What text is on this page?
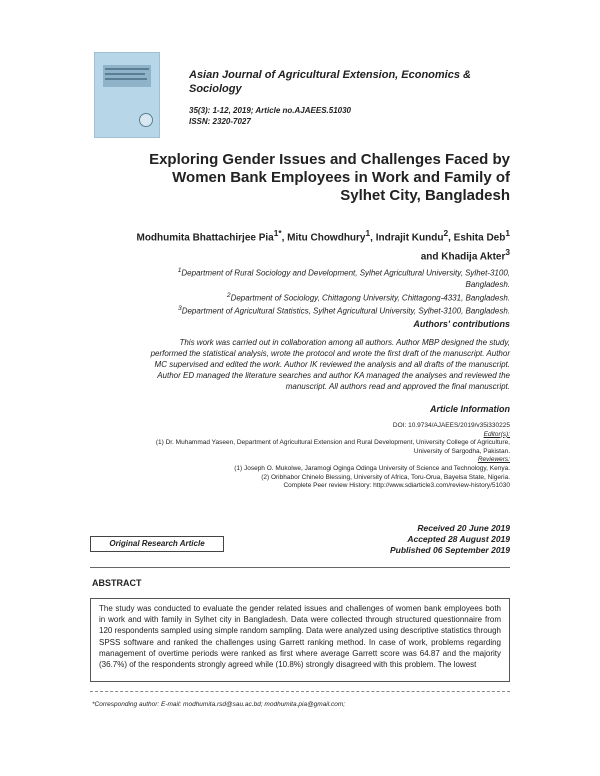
Asian Journal of Agricultural Extension, Economics &
Sociology
35(3): 1-12, 2019; Article no.AJAEES.51030
ISSN: 2320-7027
Exploring Gender Issues and Challenges Faced by
Women Bank Employees in Work and Family of
Sylhet City, Bangladesh
Modhumita Bhattachirjee Pia$^{1*}$, Mitu Chowdhury$^1$, Indrajit Kundu$^2$, Eshita Deb$^1$
and Khadija Akter$^3$
$^1$Department of Rural Sociology and Development, Sylhet Agricultural University, Sylhet-3100,
Bangladesh.
$^2$Department of Sociology, Chittagong University, Chittagong-4331, Bangladesh.
$^3$Department of Agricultural Statistics, Sylhet Agricultural University, Sylhet-3100, Bangladesh.
Authors' contributions
This work was carried out in collaboration among all authors. Author MBP designed the study,
performed the statistical analysis, wrote the protocol and wrote the first draft of the manuscript. Author
MC supervised and edited the work. Author IK reviewed the analysis and all drafts of the manuscript.
Author ED managed the literature searches and author KA managed the analyses and reviewed the
manuscript. All authors read and approved the final manuscript.
Article Information
DOI: 10.9734/AJAEES/2019/v35i330225
Editor(s):
(1) Dr. Muhammad Yaseen, Department of Agricultural Extension and Rural Development, University College of Agriculture,
University of Sargodha, Pakistan.
Reviewers:
(1) Joseph O. Mukolwe, Jaramogi Oginga Odinga University of Science and Technology, Kenya.
(2) Oribhabor Chinelo Blessing, University of Africa, Toru-Orua, Bayelsa State, Nigeria.
Complete Peer review History: http://www.sdiarticle3.com/review-history/51030
Received 20 June 2019
Accepted 28 August 2019
Published 06 September 2019
Original Research Article
ABSTRACT
The study was conducted to evaluate the gender related issues and challenges of women bank employees both in work and with family in Sylhet city in Bangladesh. Data were collected through structured questionnaire from 120 respondents sampled using simple random sampling. Data were analyzed using descriptive statistics through SPSS software and ranked the challenges using Garrett ranking method. In case of work, problems regarding management of overtime periods were ranked as first where average Garrett score was 64.87 and the majority (36.7%) of the respondents strongly agreed while (10.8%) strongly disagreed with this problem. The lowest
*Corresponding author: E-mail: modhumita.rsd@sau.ac.bd; modhumita.pia@gmail.com;
